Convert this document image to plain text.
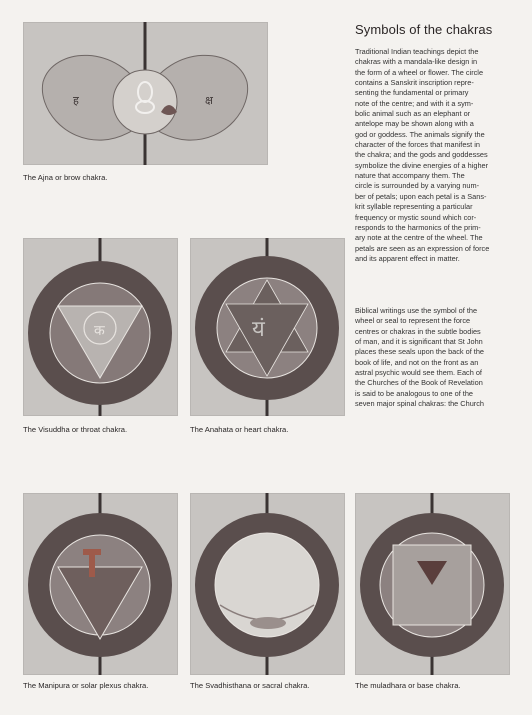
ह	क्ष
The Ajna or brow chakra.
क
The Visuddha or throat chakra.
यं
The Anahata or heart chakra.
The Manipura or solar plexus chakra.	The Svadhisthana or sacral chakra.	The muladhara or base chakra.
Symbols of the chakras

Traditional Indian teachings depict the
chakras with a mandala-like design in
the form of a wheel or flower. The circle
contains a Sanskrit inscription repre-
senting the fundamental or primary
note of the centre; and with it a sym-
bolic animal such as an elephant or
antelope may be shown along with a
god or goddess. The animals signify the
character of the forces that manifest in
the chakra; and the gods and goddesses
symbolize the divine energies of a higher
nature that accompany them. The
circle is surrounded by a varying num-
ber of petals; upon each petal is a Sans-
krit syllable representing a particular
frequency or mystic sound which cor-
responds to the harmonics of the prim-
ary note at the centre of the wheel. The
petals are seen as an expression of force
and its apparent effect in matter.

Biblical writings use the symbol of the
wheel or seal to represent the force
centres or chakras in the subtle bodies
of man, and it is significant that St John
places these seals upon the back of the
book of life, and not on the front as an
astral psychic would see them. Each of
the Churches of the Book of Revelation
is said to be analogous to one of the
seven major spinal chakras: the Church
